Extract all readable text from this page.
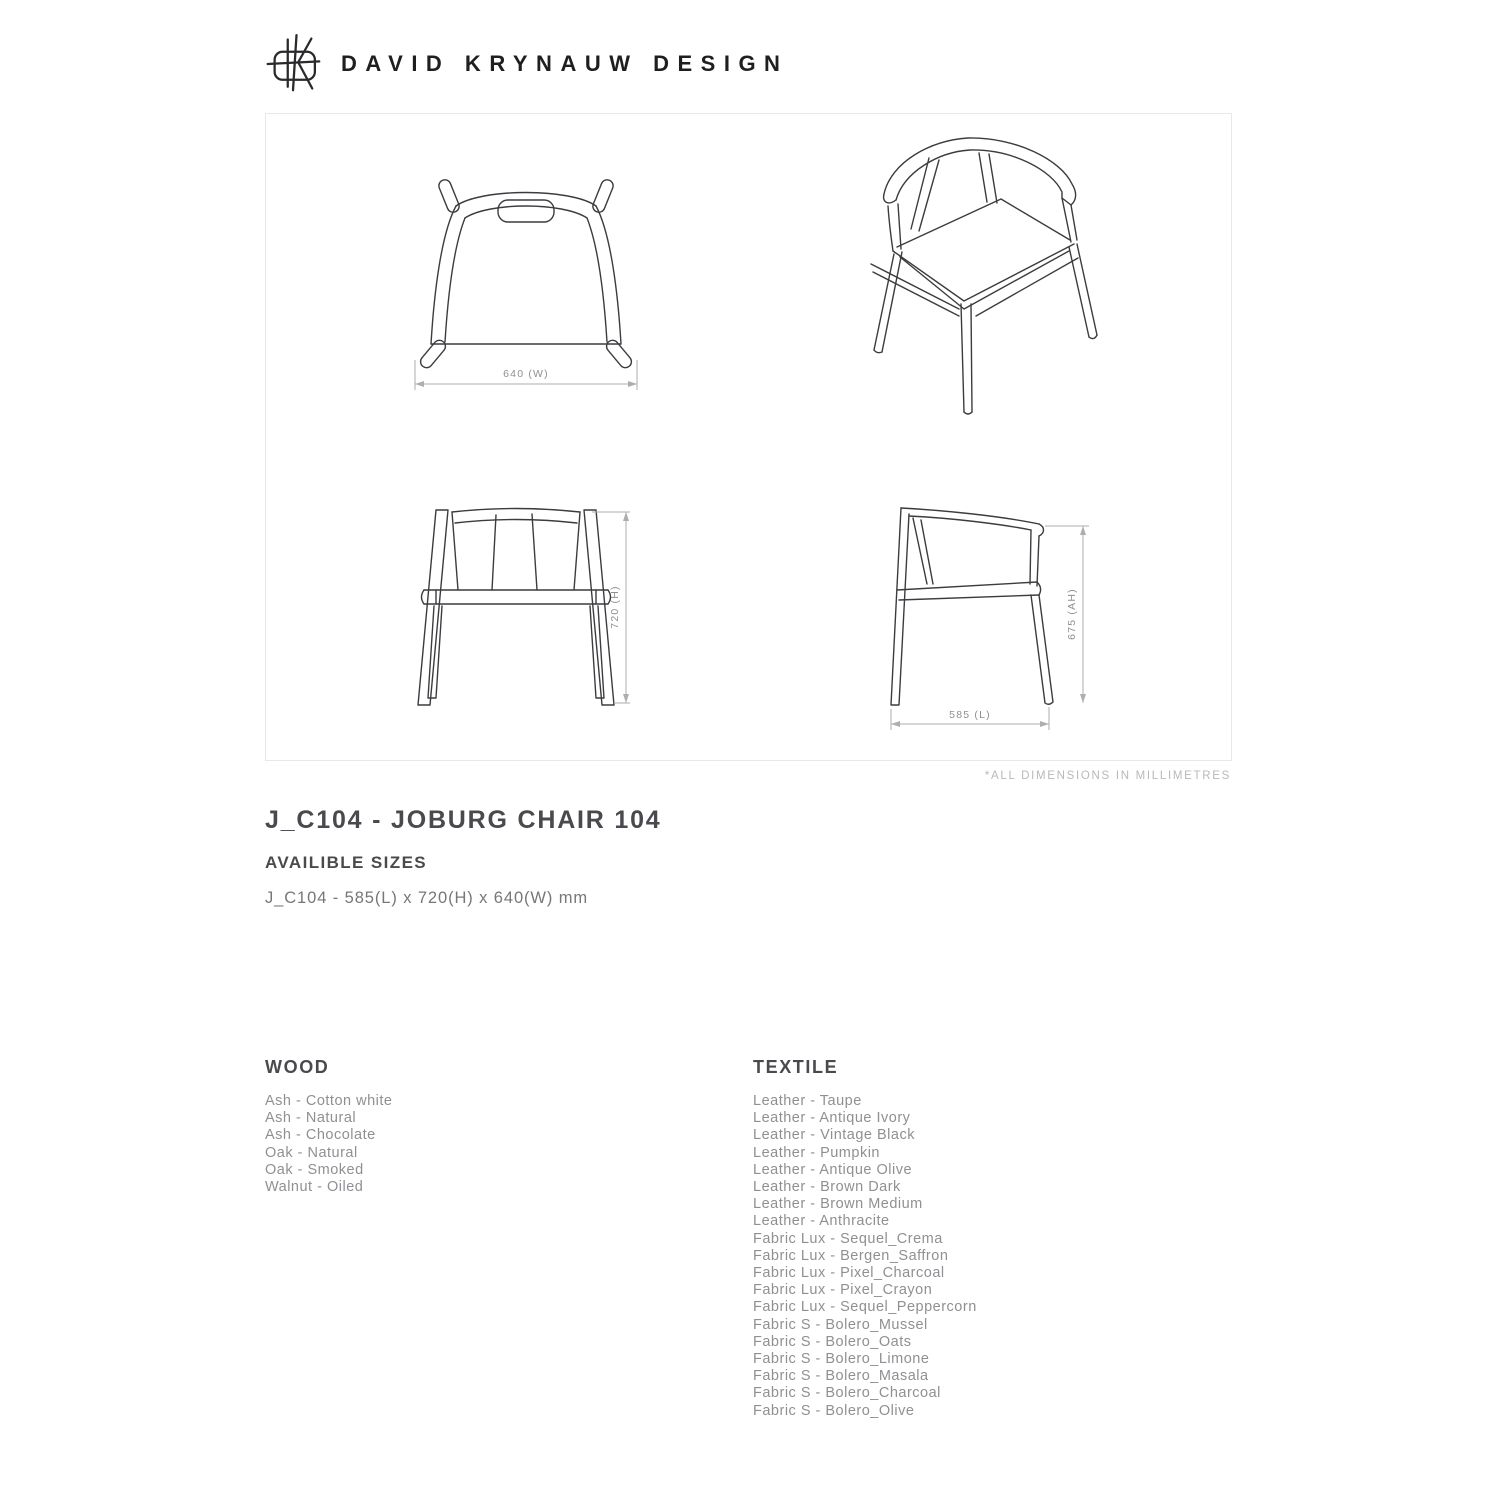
DAVID KRYNAUW DESIGN
640 (W)
720 (H)	675 (AH)
585 (L)
*ALL DIMENSIONS IN MILLIMETRES
J_C104 - JOBURG CHAIR 104
AVAILIBLE SIZES
J_C104 - 585(L) x 720(H) x 640(W) mm
WOOD
Ash - Cotton white
Ash - Natural
Ash - Chocolate
Oak - Natural
Oak - Smoked
Walnut - Oiled
TEXTILE
Leather - Taupe
Leather - Antique Ivory
Leather - Vintage Black
Leather - Pumpkin
Leather - Antique Olive
Leather - Brown Dark
Leather - Brown Medium
Leather - Anthracite
Fabric Lux - Sequel_Crema
Fabric Lux - Bergen_Saffron
Fabric Lux - Pixel_Charcoal
Fabric Lux - Pixel_Crayon
Fabric Lux - Sequel_Peppercorn
Fabric S - Bolero_Mussel
Fabric S - Bolero_Oats
Fabric S - Bolero_Limone
Fabric S - Bolero_Masala
Fabric S - Bolero_Charcoal
Fabric S - Bolero_Olive
